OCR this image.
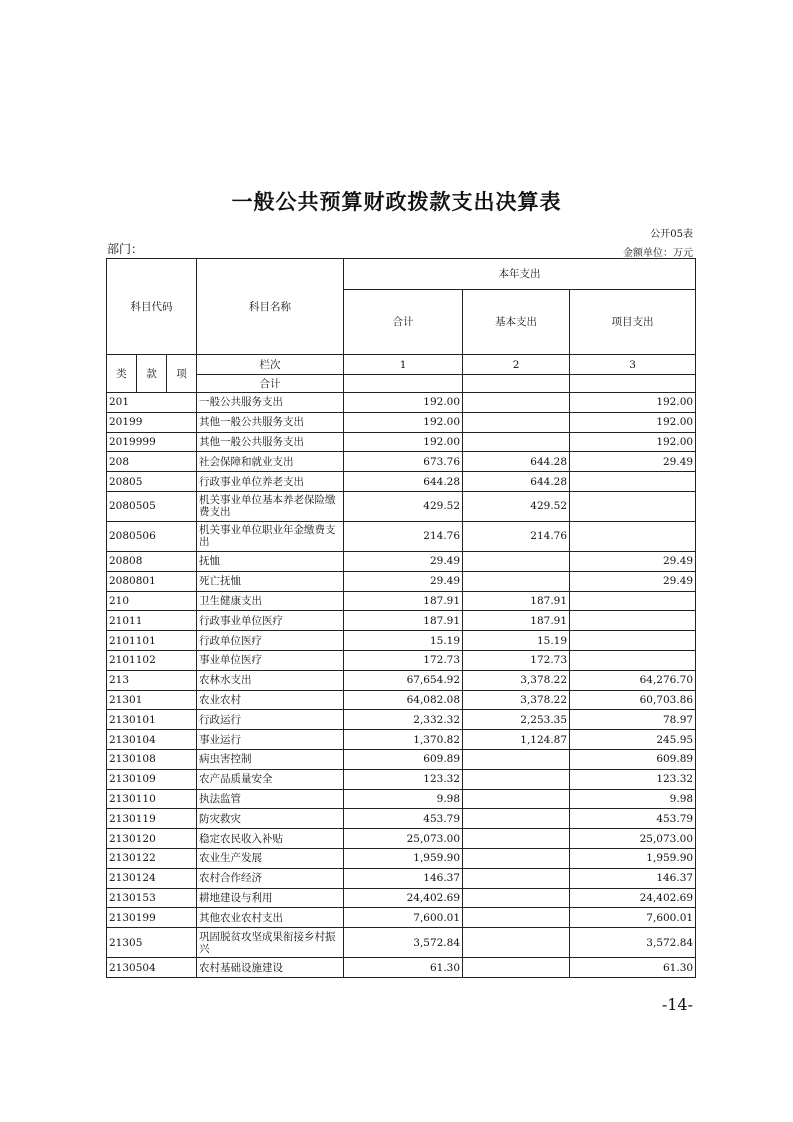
一般公共预算财政拨款支出决算表
公开05表
部门：	金额单位：万元
科目代码			科目名称	本年支出		
				合计	基本支出	项目支出
类	款	项	栏次	1	2	3
			合计			
201			一般公共服务支出	192.00		192.00
20199			其他一般公共服务支出	192.00		192.00
2019999			其他一般公共服务支出	192.00		192.00
208			社会保障和就业支出	673.76	644.28	29.49
20805			行政事业单位养老支出	644.28	644.28	
2080505			机关事业单位基本养老保险缴费支出	429.52	429.52	
2080506			机关事业单位职业年金缴费支出	214.76	214.76	
20808			抚恤	29.49		29.49
2080801			死亡抚恤	29.49		29.49
210			卫生健康支出	187.91	187.91	
21011			行政事业单位医疗	187.91	187.91	
2101101			行政单位医疗	15.19	15.19	
2101102			事业单位医疗	172.73	172.73	
213			农林水支出	67,654.92	3,378.22	64,276.70
21301			农业农村	64,082.08	3,378.22	60,703.86
2130101			行政运行	2,332.32	2,253.35	78.97
2130104			事业运行	1,370.82	1,124.87	245.95
2130108			病虫害控制	609.89		609.89
2130109			农产品质量安全	123.32		123.32
2130110			执法监管	9.98		9.98
2130119			防灾救灾	453.79		453.79
2130120			稳定农民收入补贴	25,073.00		25,073.00
2130122			农业生产发展	1,959.90		1,959.90
2130124			农村合作经济	146.37		146.37
2130153			耕地建设与利用	24,402.69		24,402.69
2130199			其他农业农村支出	7,600.01		7,600.01
21305			巩固脱贫攻坚成果衔接乡村振兴	3,572.84		3,572.84
2130504			农村基础设施建设	61.30		61.30
-14-
